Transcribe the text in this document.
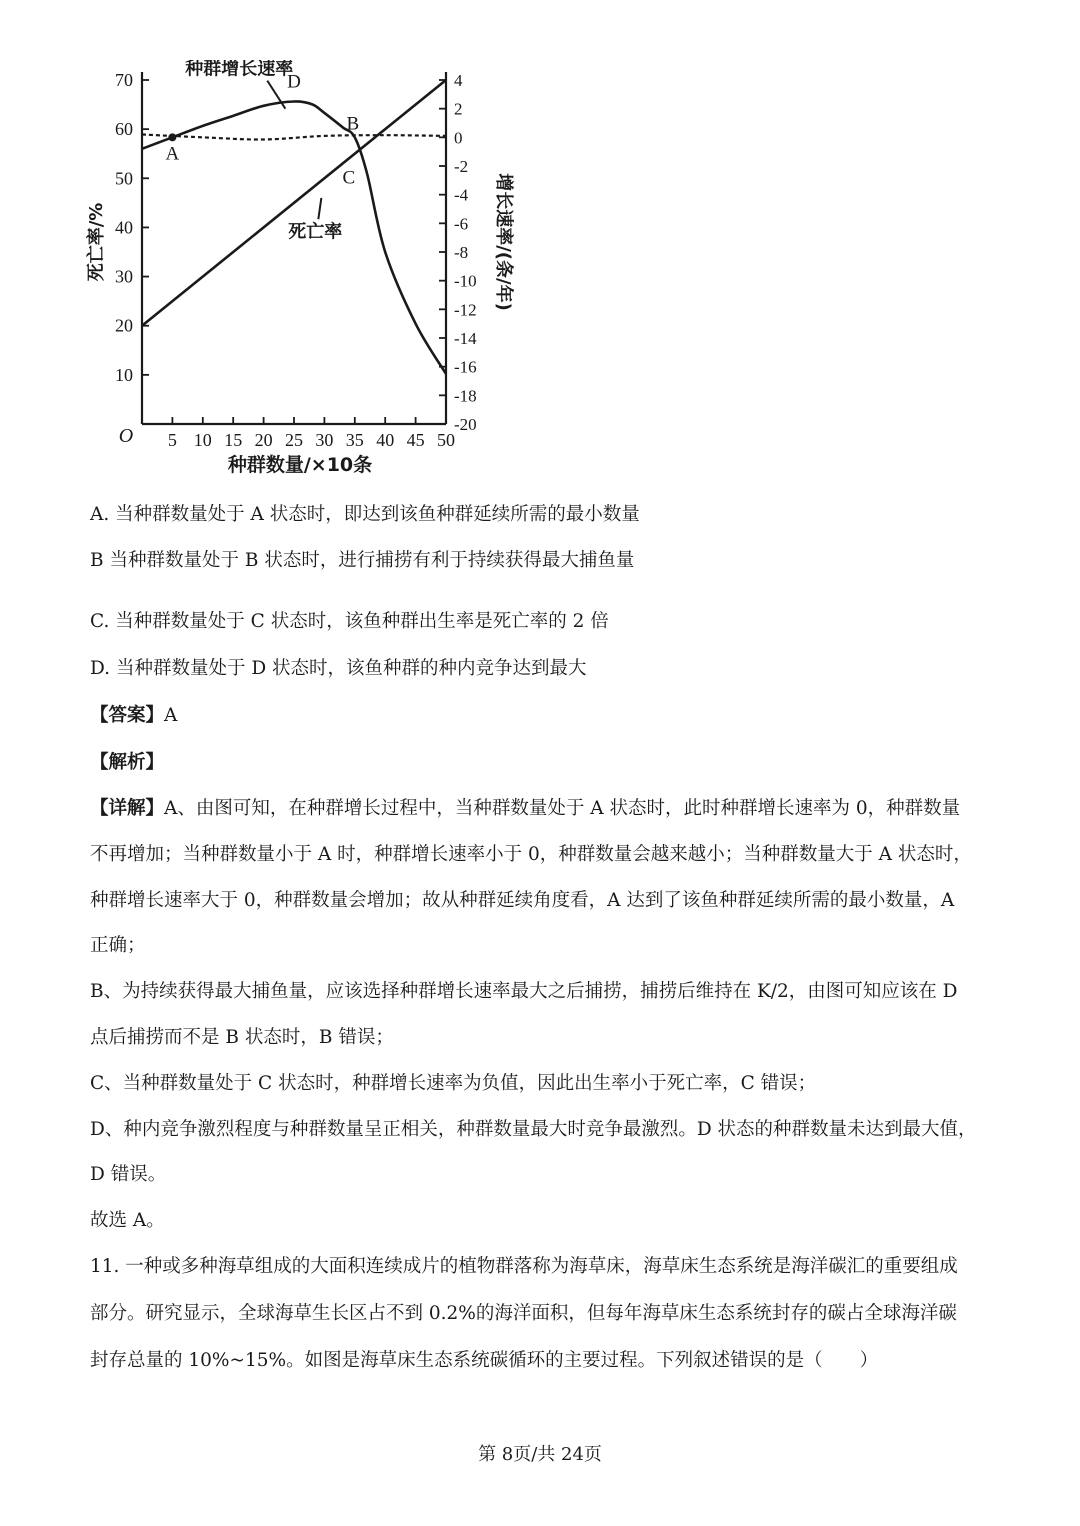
5 10 15 20 25 30 35 40 45 50
O
10
20
30
40
50
60
70	4
2
0
-2
-4
-6
-8
-10
-12
-14
-16
-18
-20
种群数量/×10条
死亡率/%	增长速率/(条/年)
A
B
C
D
种群增长速率
死亡率
A. 当种群数量处于 A 状态时，即达到该鱼种群延续所需的最小数量
B 当种群数量处于 B 状态时，进行捕捞有利于持续获得最大捕鱼量
C. 当种群数量处于 C 状态时，该鱼种群出生率是死亡率的 2 倍
D. 当种群数量处于 D 状态时，该鱼种群的种内竞争达到最大
【答案】A
【解析】
【详解】A、由图可知，在种群增长过程中，当种群数量处于 A 状态时，此时种群增长速率为 0，种群数量
不再增加；当种群数量小于 A 时，种群增长速率小于 0，种群数量会越来越小；当种群数量大于 A 状态时，
种群增长速率大于 0，种群数量会增加；故从种群延续角度看，A 达到了该鱼种群延续所需的最小数量，A
正确；
B、为持续获得最大捕鱼量，应该选择种群增长速率最大之后捕捞，捕捞后维持在 K/2，由图可知应该在 D
点后捕捞而不是 B 状态时，B 错误；
C、当种群数量处于 C 状态时，种群增长速率为负值，因此出生率小于死亡率，C 错误；
D、种内竞争激烈程度与种群数量呈正相关，种群数量最大时竞争最激烈。D 状态的种群数量未达到最大值，
D 错误。
故选 A。
11. 一种或多种海草组成的大面积连续成片的植物群落称为海草床，海草床生态系统是海洋碳汇的重要组成
部分。研究显示，全球海草生长区占不到 0.2%的海洋面积，但每年海草床生态系统封存的碳占全球海洋碳
封存总量的 10%~15%。如图是海草床生态系统碳循环的主要过程。下列叙述错误的是（　　）
第 8页/共 24页
